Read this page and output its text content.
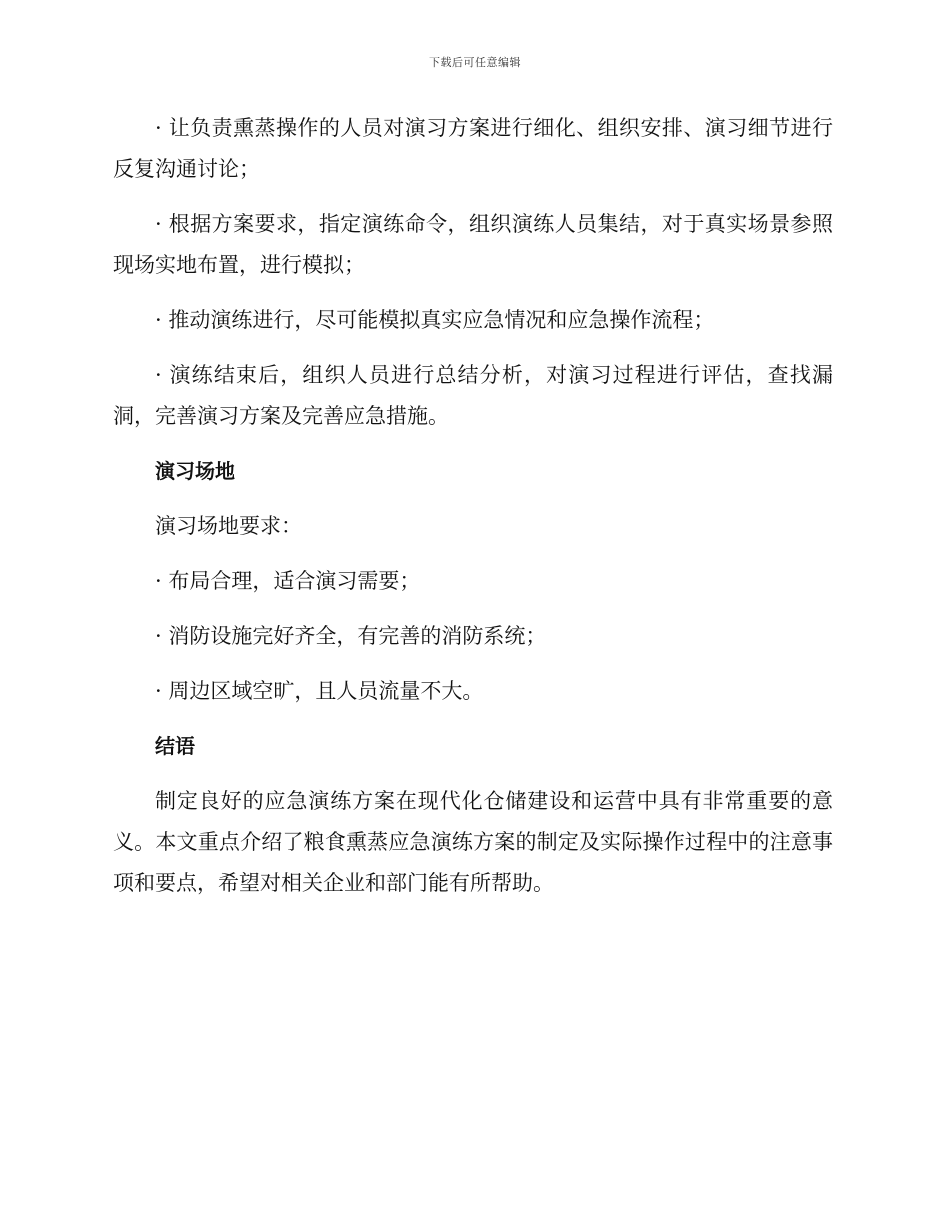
下载后可任意编辑

· 让负责熏蒸操作的人员对演习方案进行细化、组织安排、演习细节进行反复沟通讨论；

· 根据方案要求，指定演练命令，组织演练人员集结，对于真实场景参照现场实地布置，进行模拟；

· 推动演练进行，尽可能模拟真实应急情况和应急操作流程；

· 演练结束后，组织人员进行总结分析，对演习过程进行评估，查找漏洞，完善演习方案及完善应急措施。

演习场地

演习场地要求：

· 布局合理，适合演习需要；

· 消防设施完好齐全，有完善的消防系统；

· 周边区域空旷，且人员流量不大。

结语

制定良好的应急演练方案在现代化仓储建设和运营中具有非常重要的意义。本文重点介绍了粮食熏蒸应急演练方案的制定及实际操作过程中的注意事项和要点，希望对相关企业和部门能有所帮助。
